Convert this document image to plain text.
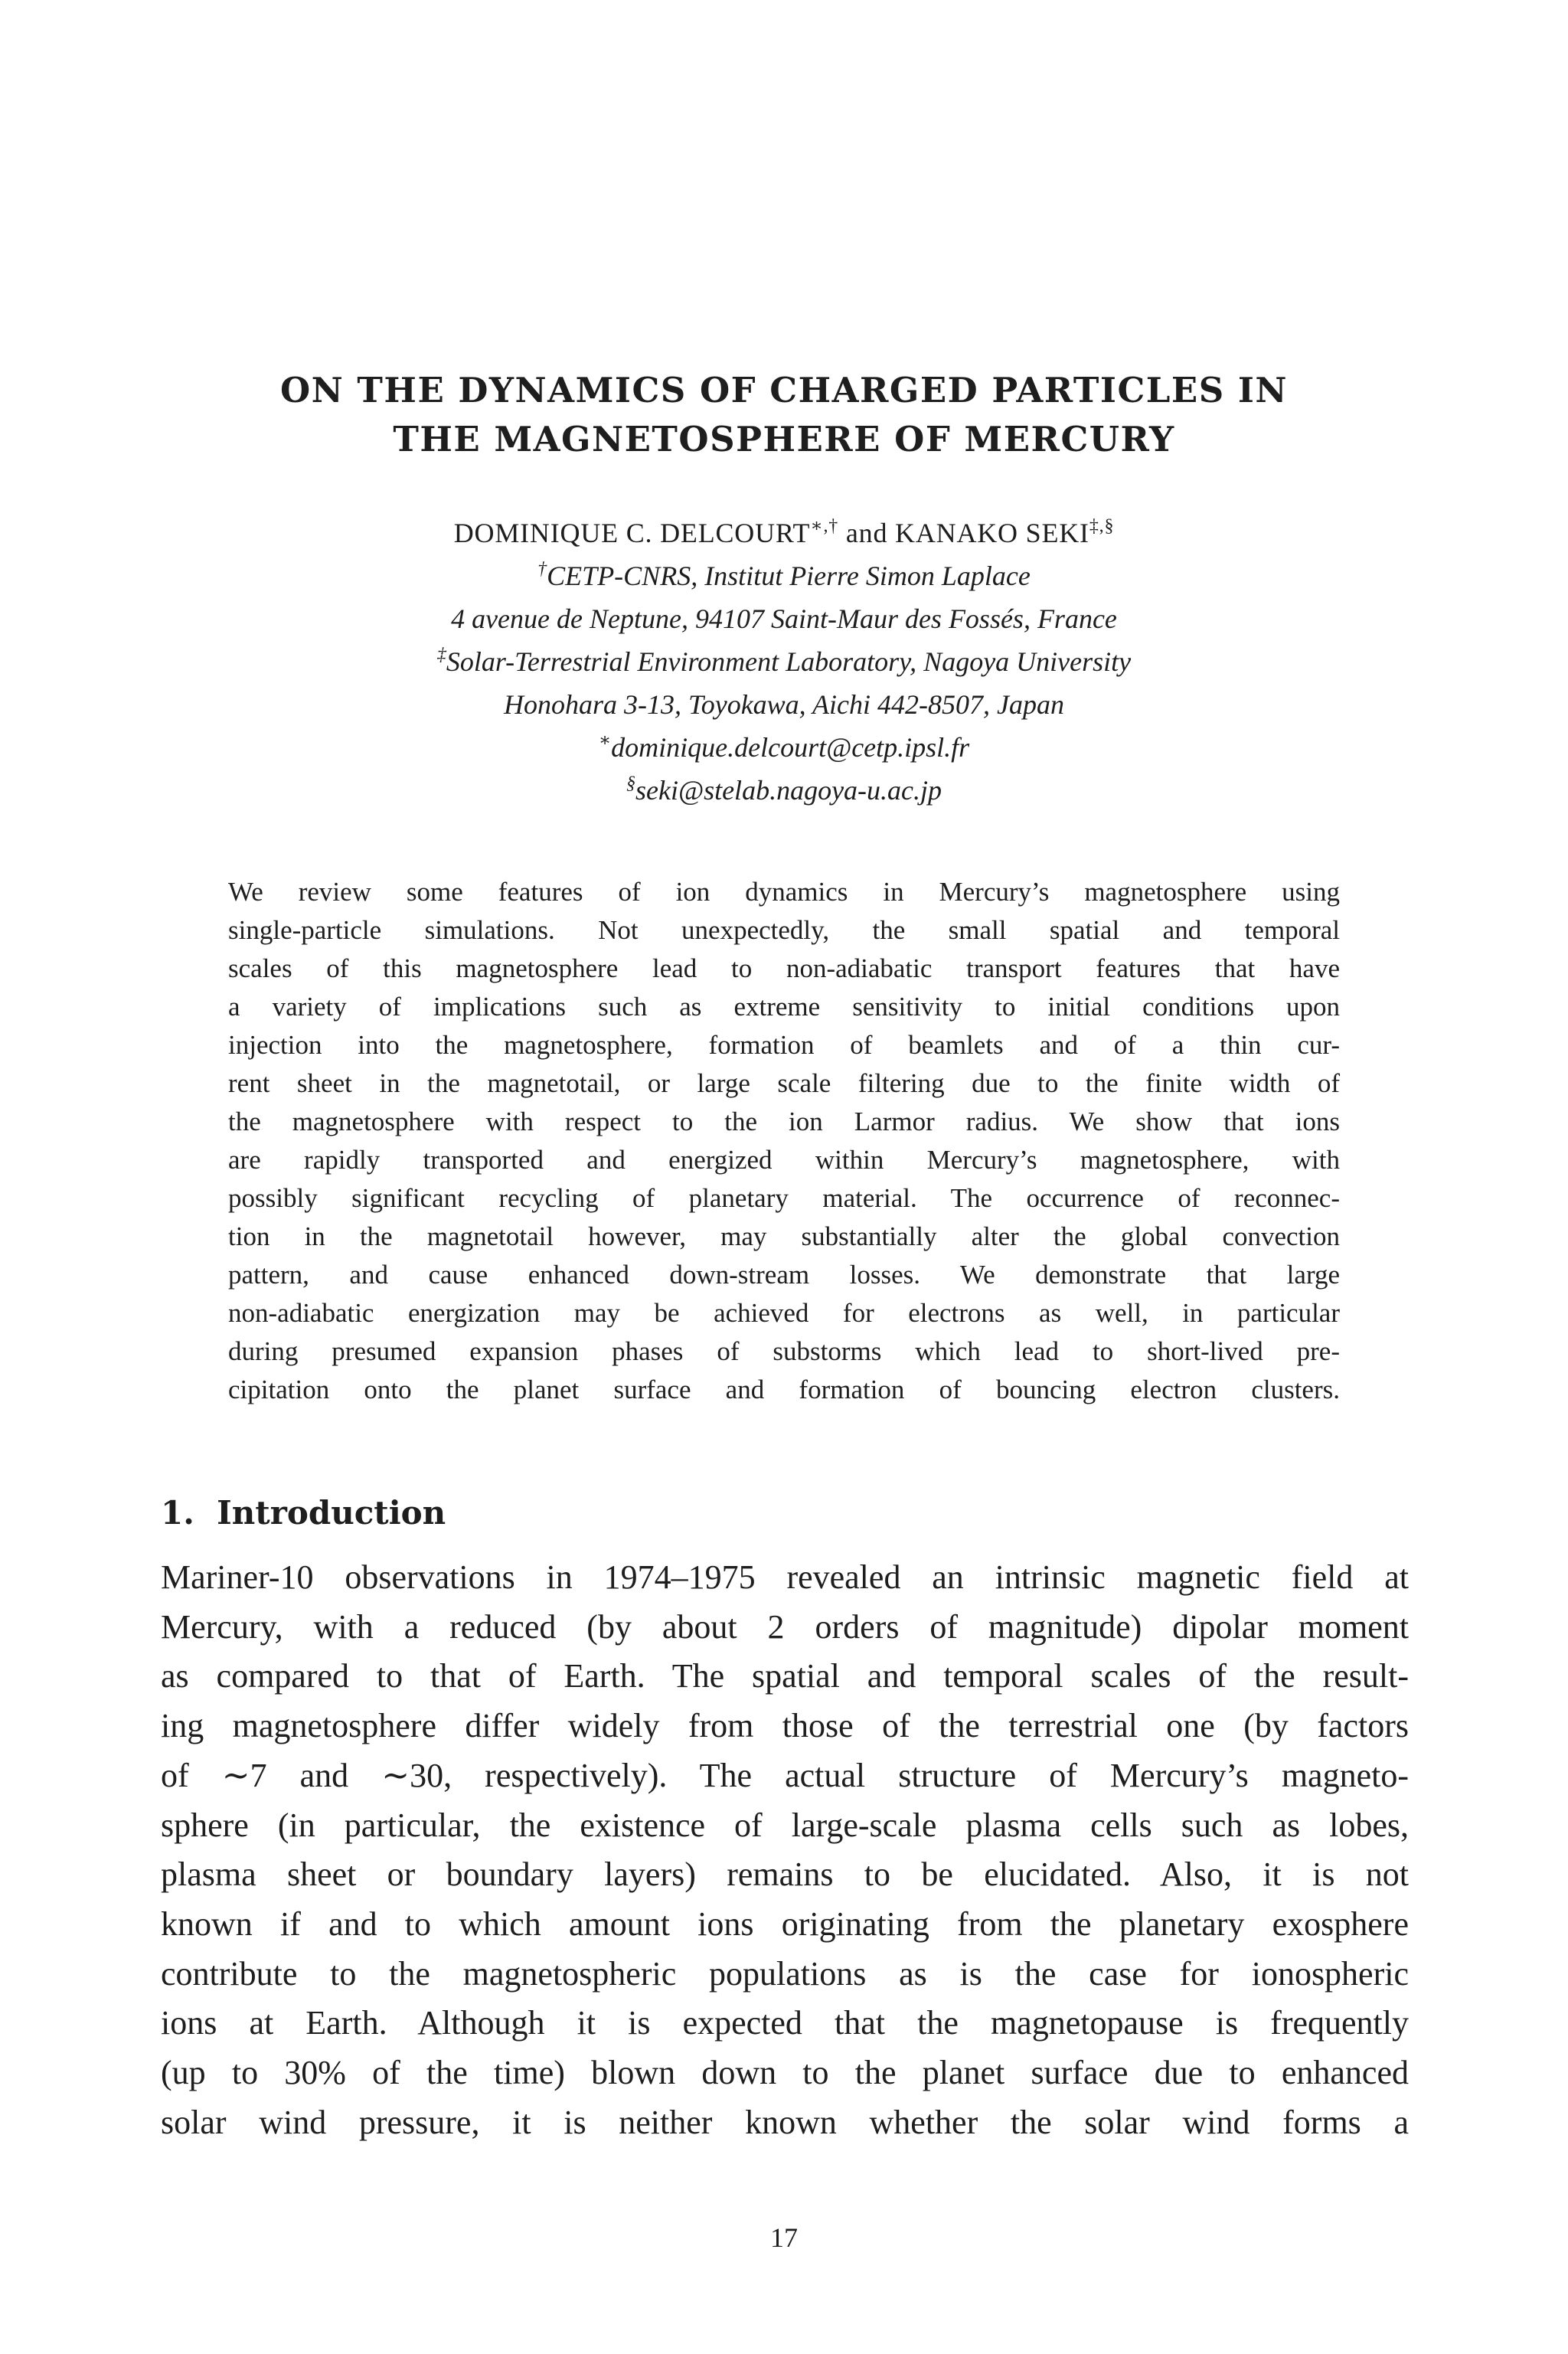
ON THE DYNAMICS OF CHARGED PARTICLES IN
THE MAGNETOSPHERE OF MERCURY
DOMINIQUE C. DELCOURT∗,† and KANAKO SEKI‡,§
†CETP-CNRS, Institut Pierre Simon Laplace
4 avenue de Neptune, 94107 Saint-Maur des Fossés, France
‡Solar-Terrestrial Environment Laboratory, Nagoya University
Honohara 3-13, Toyokawa, Aichi 442-8507, Japan
∗dominique.delcourt@cetp.ipsl.fr
§seki@stelab.nagoya-u.ac.jp
We review some features of ion dynamics in Mercury’s magnetosphere using
single-particle simulations. Not unexpectedly, the small spatial and temporal
scales of this magnetosphere lead to non-adiabatic transport features that have
a variety of implications such as extreme sensitivity to initial conditions upon
injection into the magnetosphere, formation of beamlets and of a thin cur-
rent sheet in the magnetotail, or large scale filtering due to the finite width of
the magnetosphere with respect to the ion Larmor radius. We show that ions
are rapidly transported and energized within Mercury’s magnetosphere, with
possibly significant recycling of planetary material. The occurrence of reconnec-
tion in the magnetotail however, may substantially alter the global convection
pattern, and cause enhanced down-stream losses. We demonstrate that large
non-adiabatic energization may be achieved for electrons as well, in particular
during presumed expansion phases of substorms which lead to short-lived pre-
cipitation onto the planet surface and formation of bouncing electron clusters.
1. Introduction
Mariner-10 observations in 1974–1975 revealed an intrinsic magnetic field at
Mercury, with a reduced (by about 2 orders of magnitude) dipolar moment
as compared to that of Earth. The spatial and temporal scales of the result-
ing magnetosphere differ widely from those of the terrestrial one (by factors
of ∼7 and ∼30, respectively). The actual structure of Mercury’s magneto-
sphere (in particular, the existence of large-scale plasma cells such as lobes,
plasma sheet or boundary layers) remains to be elucidated. Also, it is not
known if and to which amount ions originating from the planetary exosphere
contribute to the magnetospheric populations as is the case for ionospheric
ions at Earth. Although it is expected that the magnetopause is frequently
(up to 30% of the time) blown down to the planet surface due to enhanced
solar wind pressure, it is neither known whether the solar wind forms a
17
